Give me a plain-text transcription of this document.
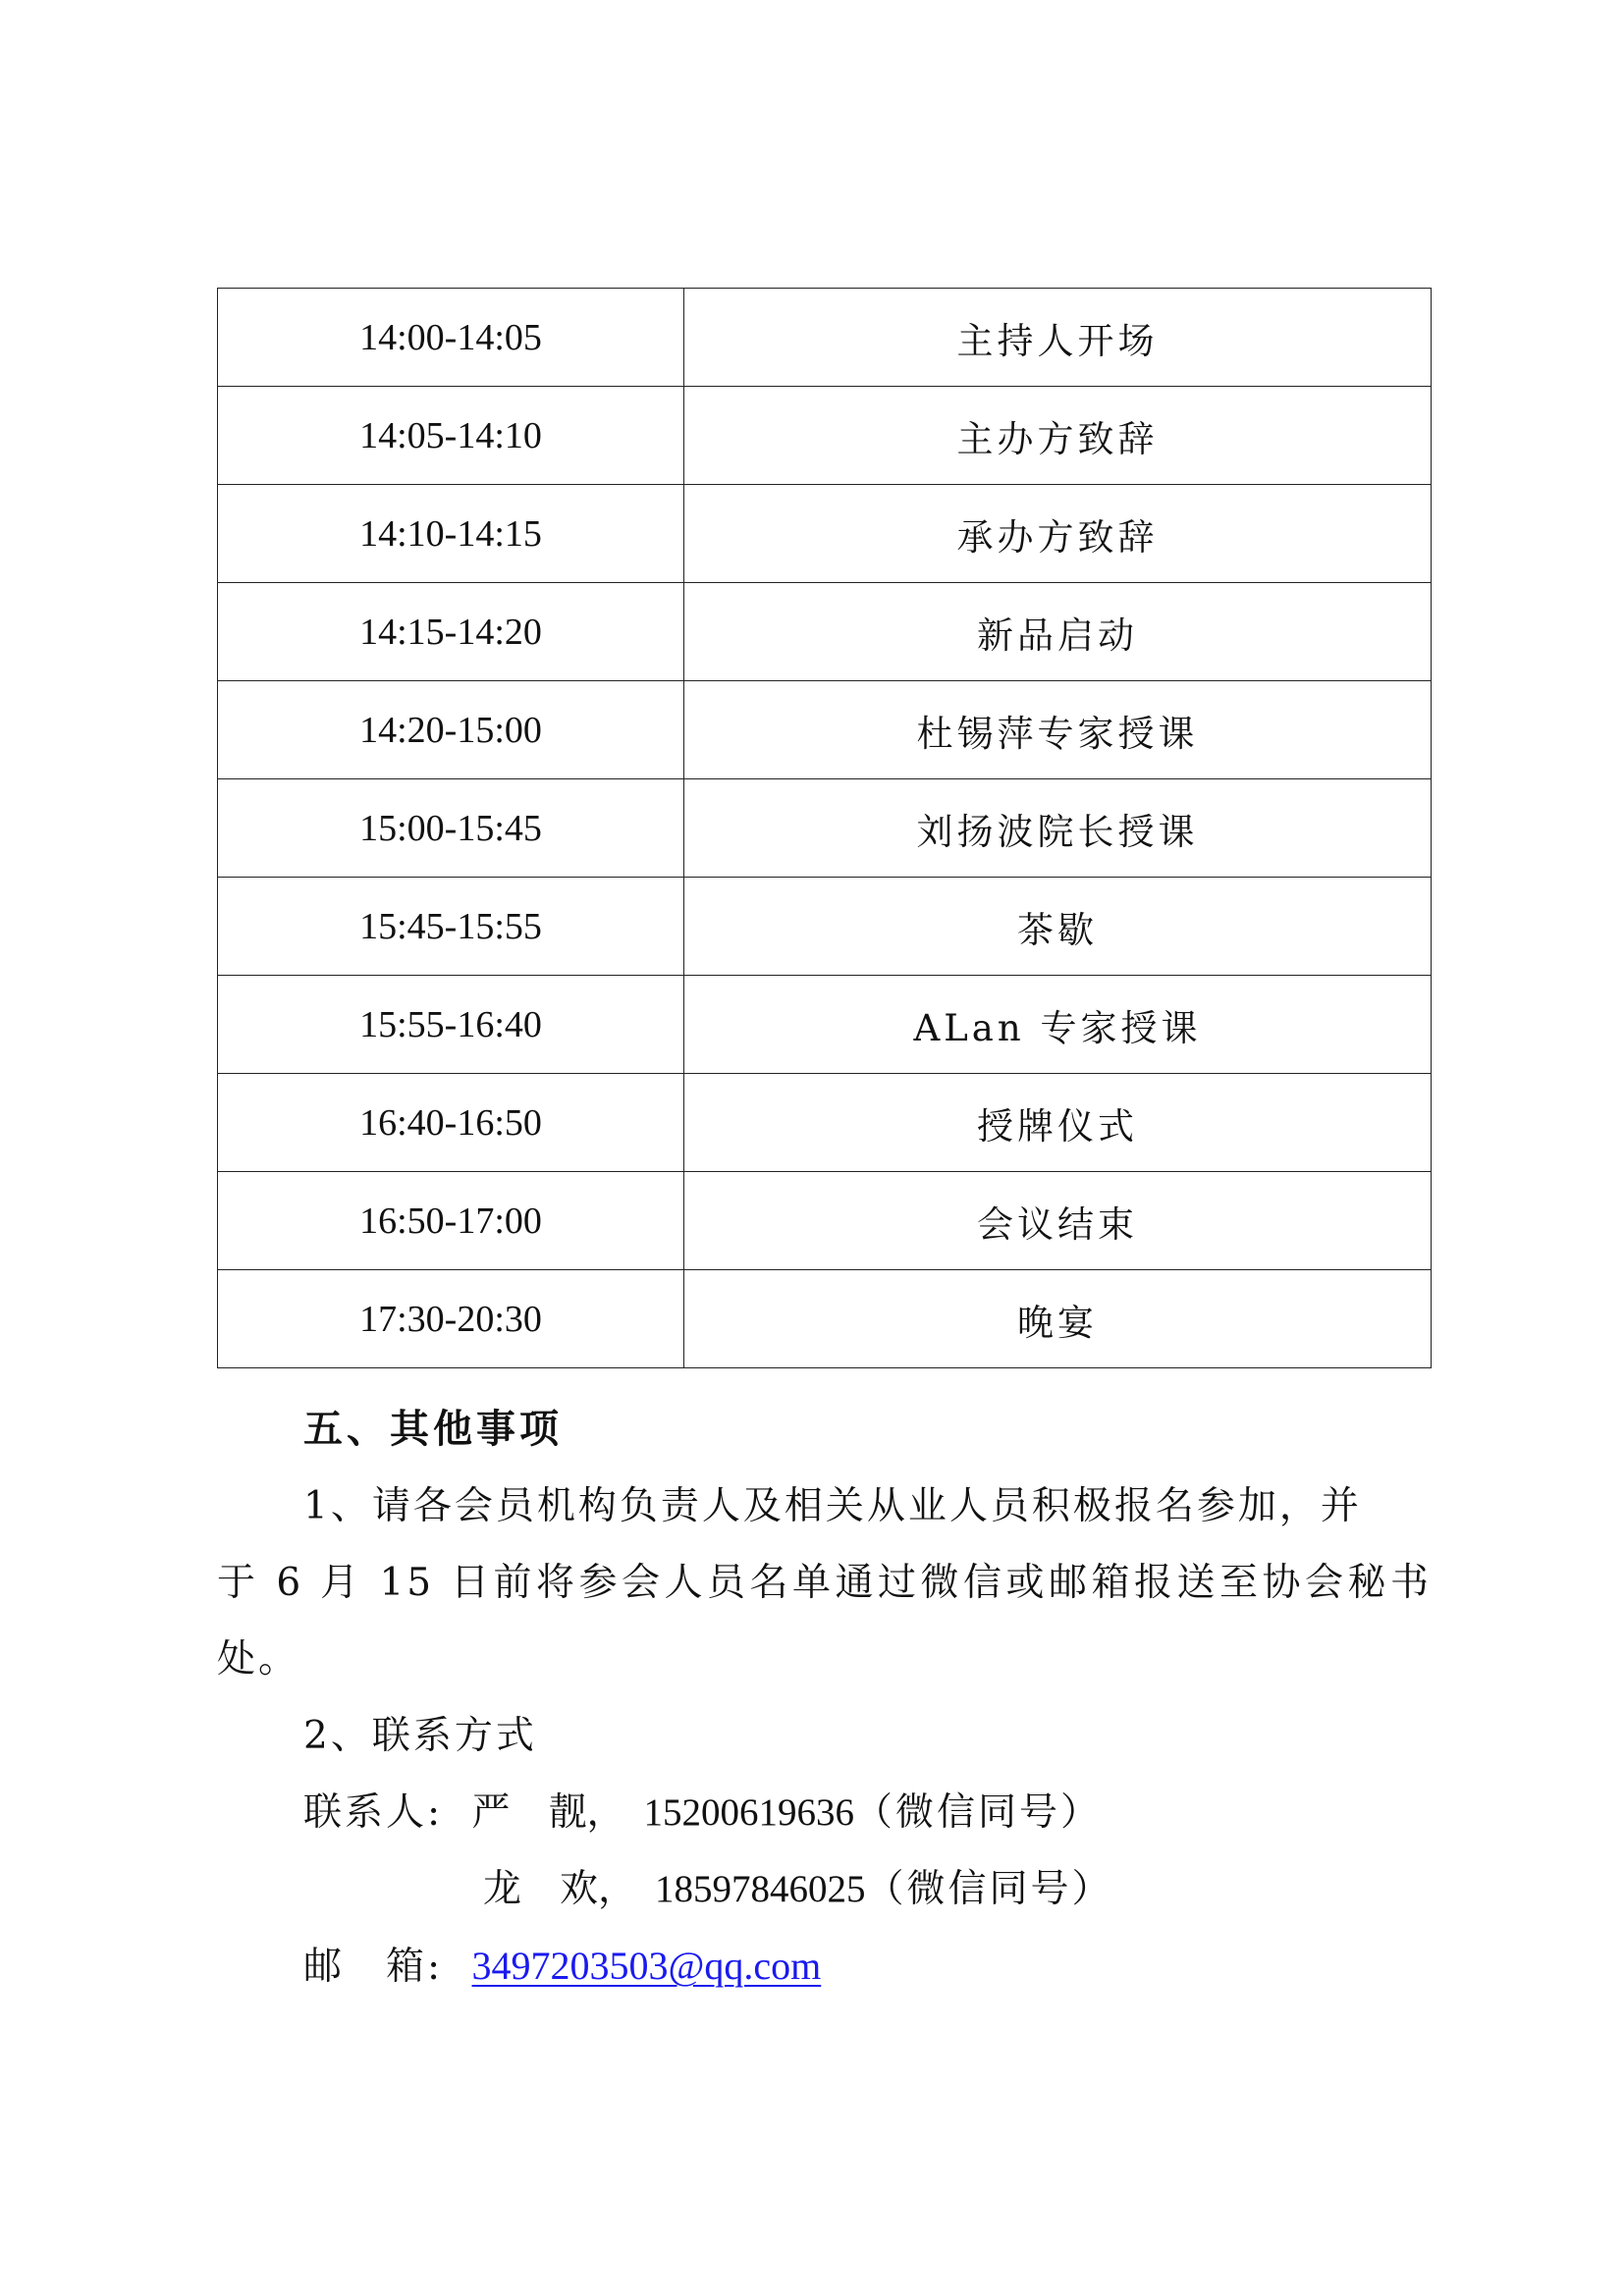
14:00-14:05	主持人开场
14:05-14:10	主办方致辞
14:10-14:15	承办方致辞
14:15-14:20	新品启动
14:20-15:00	杜锡萍专家授课
15:00-15:45	刘扬波院长授课
15:45-15:55	茶歇
15:55-16:40	ALan 专家授课
16:40-16:50	授牌仪式
16:50-17:00	会议结束
17:30-20:30	晚宴
五、其他事项
1、请各会员机构负责人及相关从业人员积极报名参加，并
于 6 月 15 日前将参会人员名单通过微信或邮箱报送至协会秘书
处。
2、联系方式
联系人: 严　靓， 15200619636（微信同号）
龙　欢， 18597846025（微信同号）
邮　箱: 3497203503@qq.com
